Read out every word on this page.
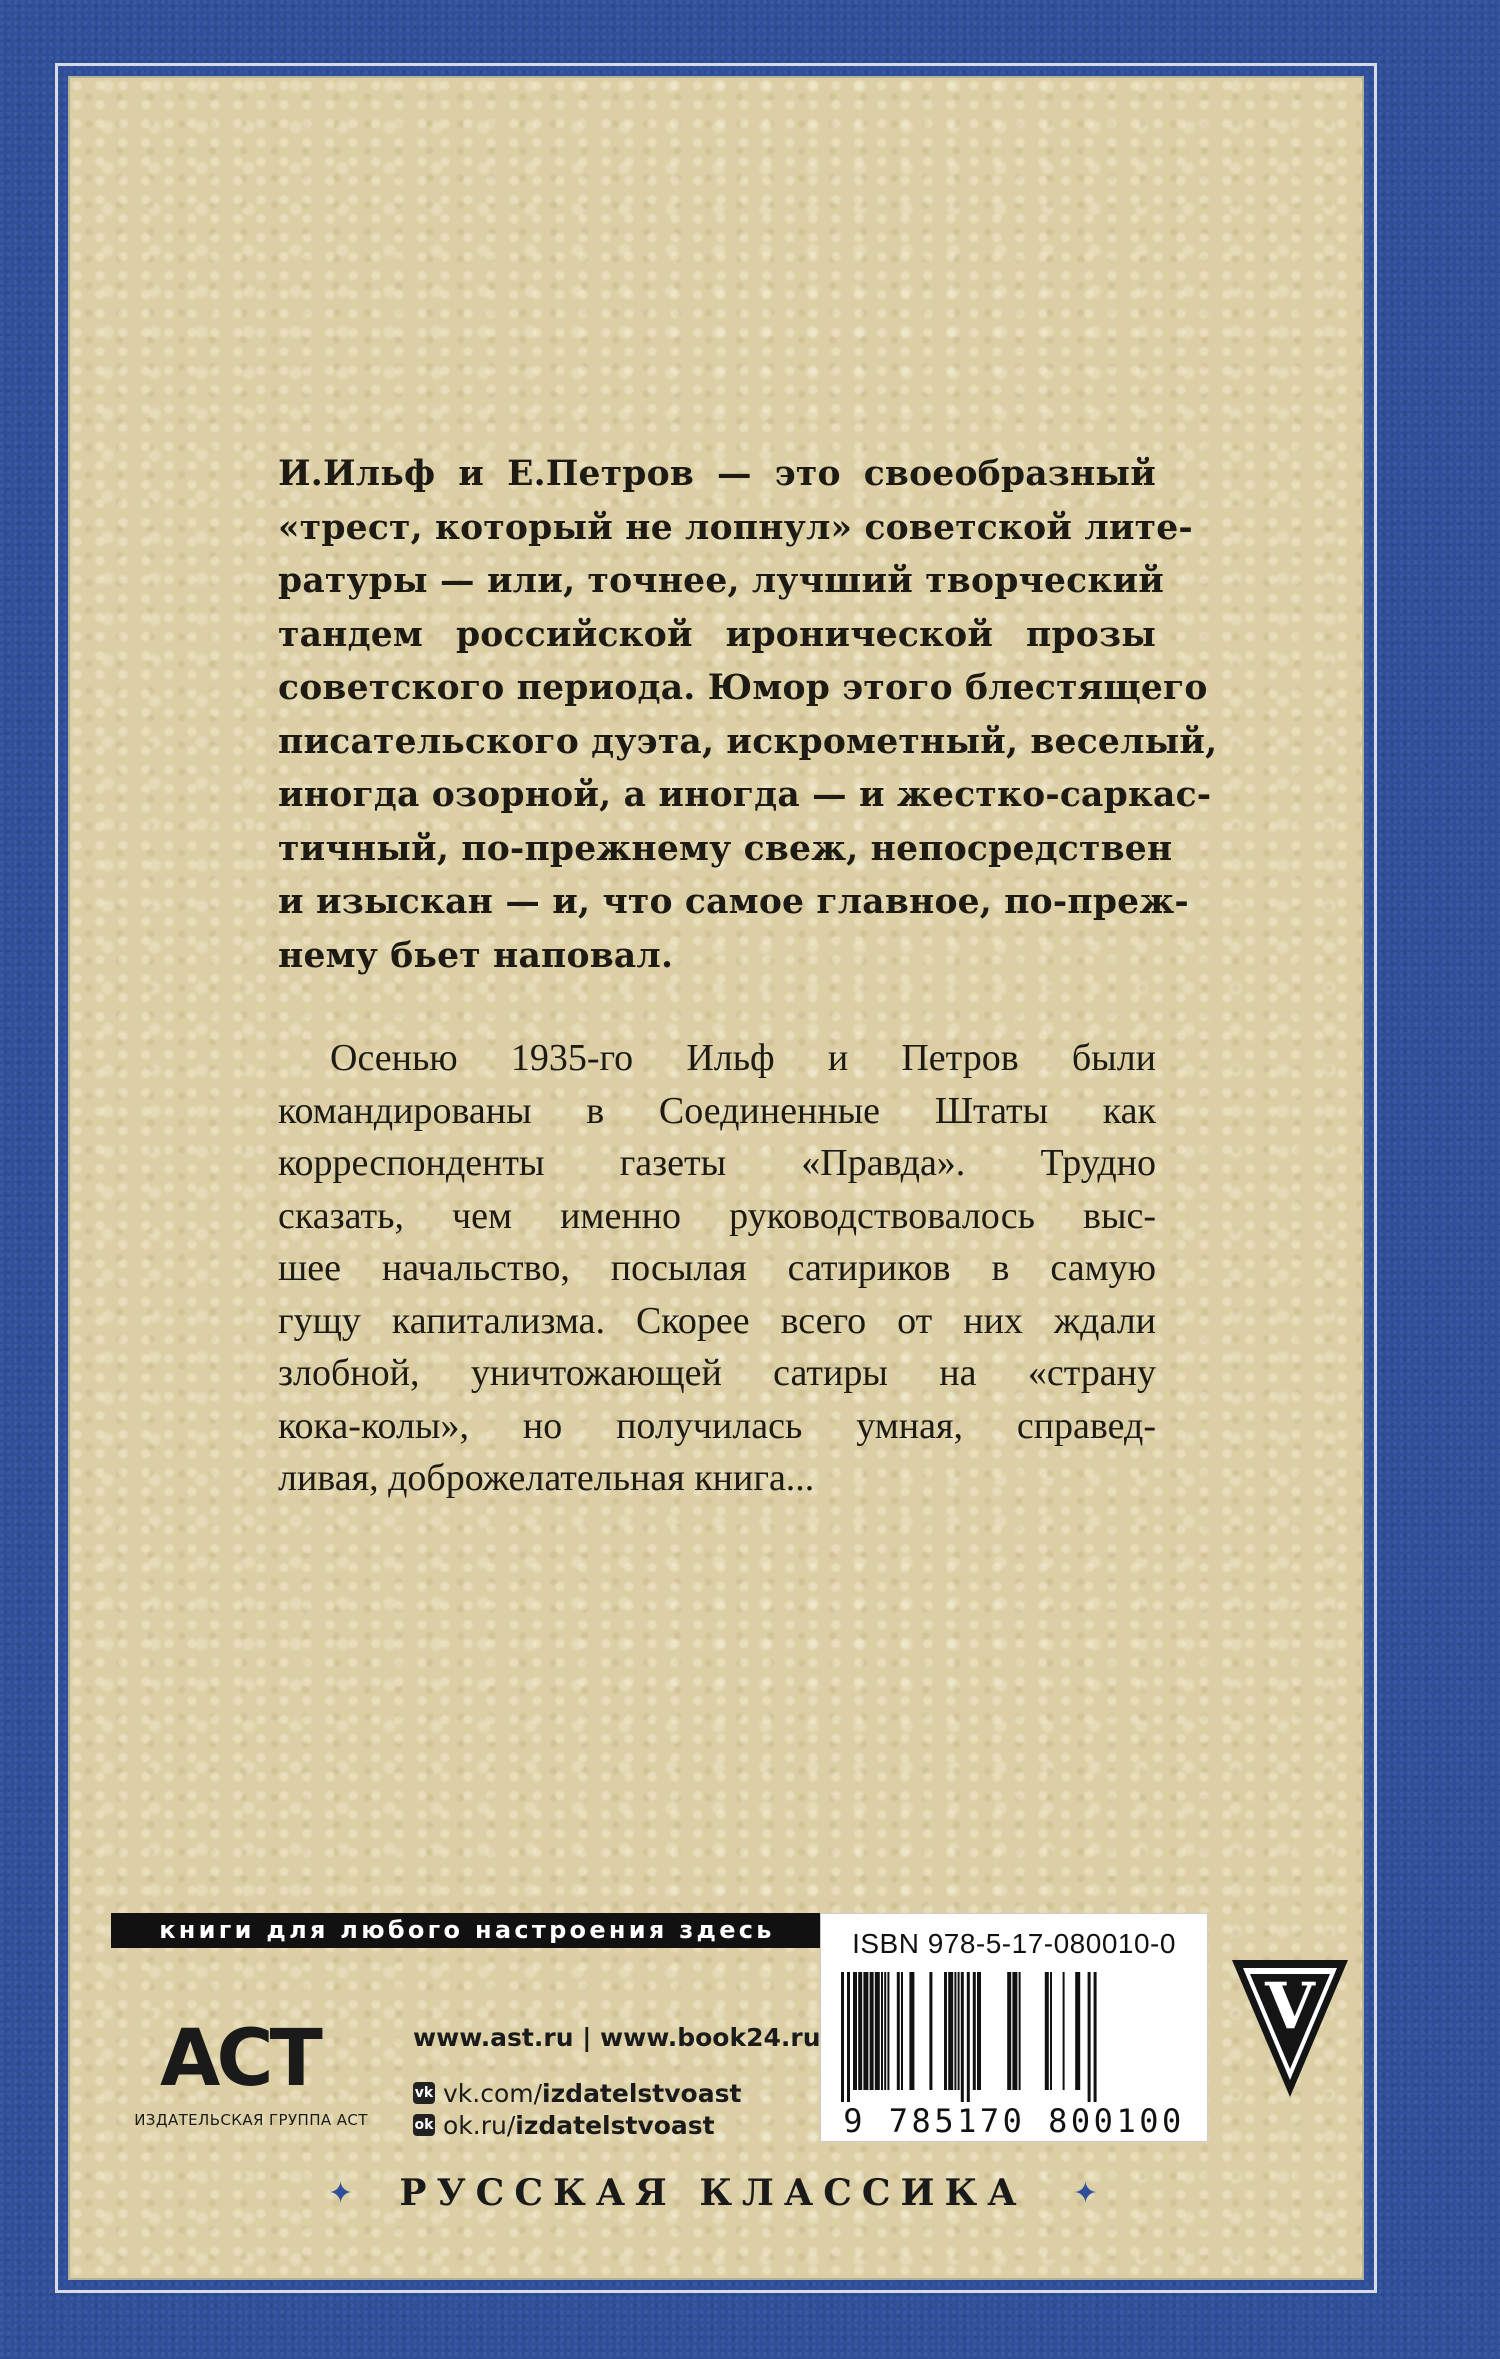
И.Ильф и Е.Петров — это своеобразный
«трест, который не лопнул» советской лите-
ратуры — или, точнее, лучший творческий
тандем российской иронической прозы
советского периода. Юмор этого блестящего
писательского дуэта, искрометный, веселый,
иногда озорной, а иногда — и жестко-саркас-
тичный, по-прежнему свеж, непосредствен
и изыскан — и, что самое главное, по-преж-
нему бьет наповал.
Осенью 1935-го Ильф и Петров были
командированы в Соединенные Штаты как
корреспонденты газеты «Правда». Трудно
сказать, чем именно руководствовалось выс-
шее начальство, посылая сатириков в самую
гущу капитализма. Скорее всего от них ждали
злобной, уничтожающей сатиры на «страну
кока-колы», но получилась умная, справед-
ливая, доброжелательная книга...
книги для любого настроения здесь	ISBN 978-5-17-080010-0
9 785170 800100
V
ACT
ИЗДАТЕЛЬСКАЯ ГРУППА АСТ
www.ast.ru | www.book24.ru
vk vk.com/izdatelstvoast
ok ok.ru/izdatelstvoast
✦ РУССКАЯ КЛАССИКА ✦
